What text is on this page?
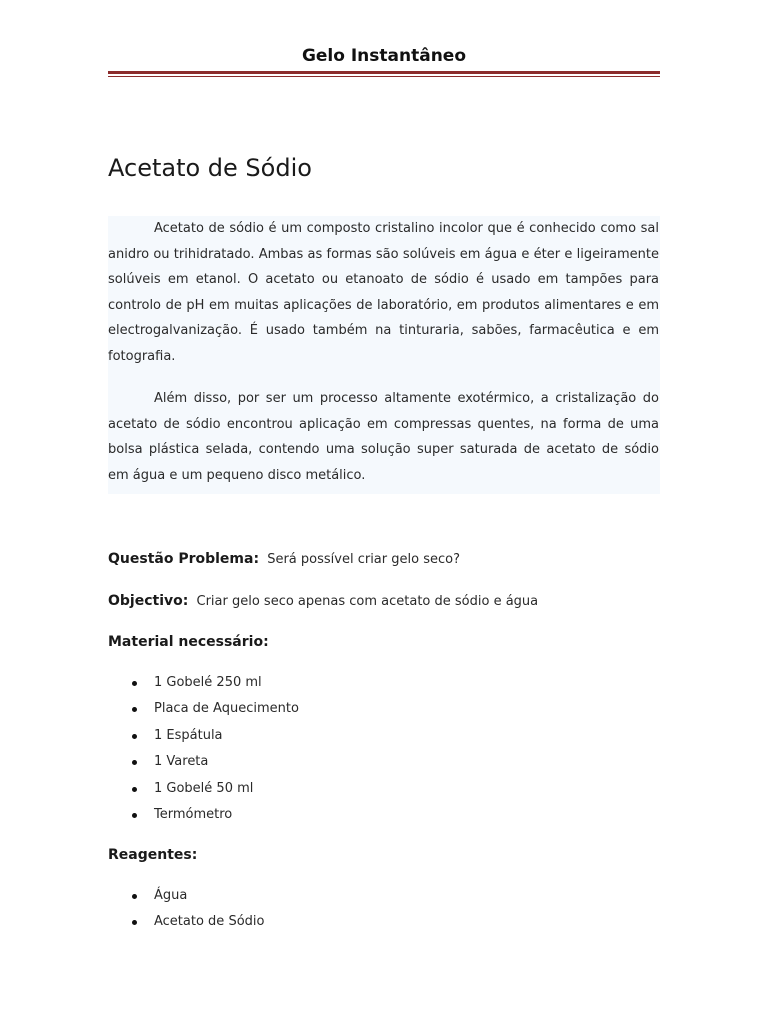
Gelo Instantâneo
Acetato de Sódio

Acetato de sódio é um composto cristalino incolor que é conhecido como sal anidro ou trihidratado. Ambas as formas são solúveis em água e éter e ligeiramente solúveis em etanol. O acetato ou etanoato de sódio é usado em tampões para controlo de pH em muitas aplicações de laboratório, em produtos alimentares e em electrogalvanização. É usado também na tinturaria, sabões, farmacêutica e em fotografia.

Além disso, por ser um processo altamente exotérmico, a cristalização do acetato de sódio encontrou aplicação em compressas quentes, na forma de uma bolsa plástica selada, contendo uma solução super saturada de acetato de sódio em água e um pequeno disco metálico.

Questão Problema: Será possível criar gelo seco?
Objectivo: Criar gelo seco apenas com acetato de sódio e água
Material necessário:
1 Gobelé 250 ml
Placa de Aquecimento
1 Espátula
1 Vareta
1 Gobelé 50 ml
Termómetro
Reagentes:
Água
Acetato de Sódio
